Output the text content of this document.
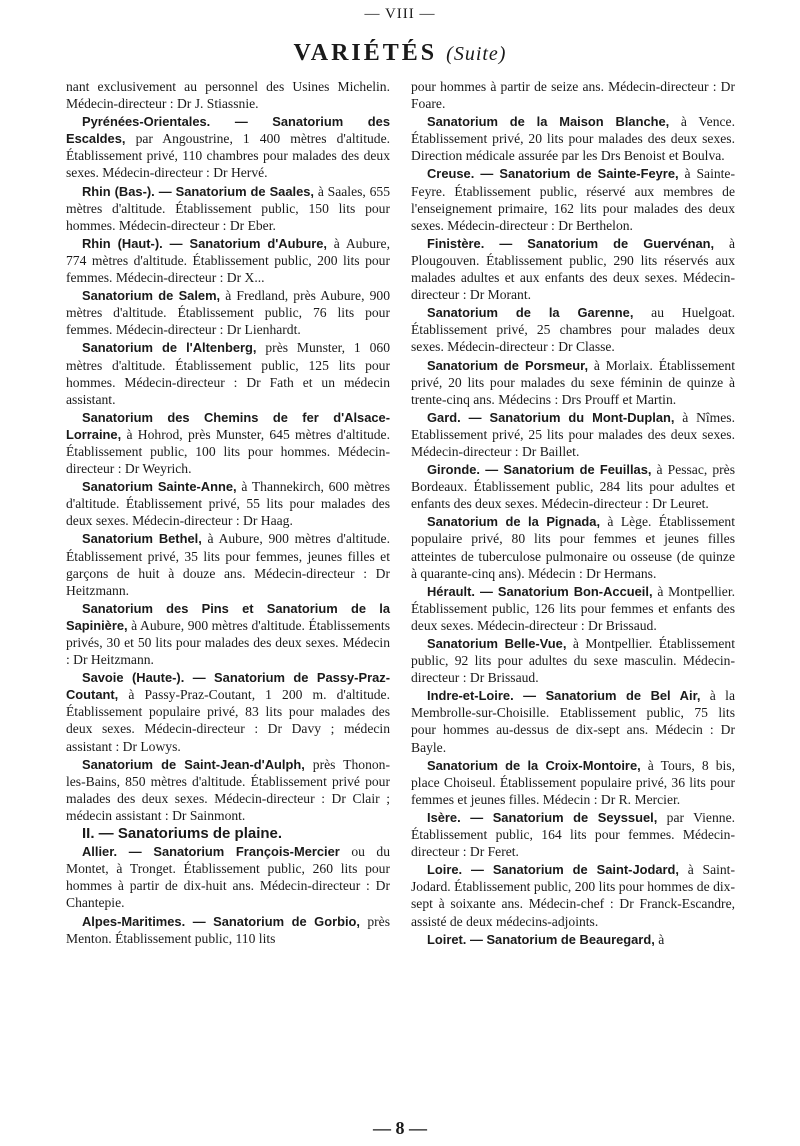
— VIII —
VARIÉTÉS (Suite)

nant exclusivement au personnel des Usines Michelin. Médecin-directeur : Dr J. Stiassnie.

Pyrénées-Orientales. — Sanatorium des Escaldes, par Angoustrine, 1 400 mètres d'altitude. Établissement privé, 110 chambres pour malades des deux sexes. Médecin-directeur : Dr Hervé.

Rhin (Bas-). — Sanatorium de Saales, à Saales, 655 mètres d'altitude. Établissement public, 150 lits pour hommes. Médecin-directeur : Dr Eber.

Rhin (Haut-). — Sanatorium d'Aubure, à Aubure, 774 mètres d'altitude. Établissement public, 200 lits pour femmes. Médecin-directeur : Dr X...

Sanatorium de Salem, à Fredland, près Aubure, 900 mètres d'altitude. Établissement public, 76 lits pour femmes. Médecin-directeur : Dr Lienhardt.

Sanatorium de l'Altenberg, près Munster, 1 060 mètres d'altitude. Établissement public, 125 lits pour hommes. Médecin-directeur : Dr Fath et un médecin assistant.

Sanatorium des Chemins de fer d'Alsace-Lorraine, à Hohrod, près Munster, 645 mètres d'altitude. Établissement public, 100 lits pour hommes. Médecin-directeur : Dr Weyrich.

Sanatorium Sainte-Anne, à Thannekirch, 600 mètres d'altitude. Établissement privé, 55 lits pour malades des deux sexes. Médecin-directeur : Dr Haag.

Sanatorium Bethel, à Aubure, 900 mètres d'altitude. Établissement privé, 35 lits pour femmes, jeunes filles et garçons de huit à douze ans. Médecin-directeur : Dr Heitzmann.

Sanatorium des Pins et Sanatorium de la Sapinière, à Aubure, 900 mètres d'altitude. Établissements privés, 30 et 50 lits pour malades des deux sexes. Médecin : Dr Heitzmann.

Savoie (Haute-). — Sanatorium de Passy-Praz-Coutant, à Passy-Praz-Coutant, 1 200 m. d'altitude. Établissement populaire privé, 83 lits pour malades des deux sexes. Médecin-directeur : Dr Davy ; médecin assistant : Dr Lowys.

Sanatorium de Saint-Jean-d'Aulph, près Thonon-les-Bains, 850 mètres d'altitude. Établissement privé pour malades des deux sexes. Médecin-directeur : Dr Clair ; médecin assistant : Dr Sainmont.

II. — Sanatoriums de plaine.

Allier. — Sanatorium François-Mercier ou du Montet, à Tronget. Établissement public, 260 lits pour hommes à partir de dix-huit ans. Médecin-directeur : Dr Chantepie.

Alpes-Maritimes. — Sanatorium de Gorbio, près Menton. Établissement public, 110 lits

pour hommes à partir de seize ans. Médecin-directeur : Dr Foare.

Sanatorium de la Maison Blanche, à Vence. Établissement privé, 20 lits pour malades des deux sexes. Direction médicale assurée par les Drs Benoist et Boulva.

Creuse. — Sanatorium de Sainte-Feyre, à Sainte-Feyre. Établissement public, réservé aux membres de l'enseignement primaire, 162 lits pour malades des deux sexes. Médecin-directeur : Dr Berthelon.

Finistère. — Sanatorium de Guervénan, à Plougouven. Établissement public, 290 lits réservés aux malades adultes et aux enfants des deux sexes. Médecin-directeur : Dr Morant.

Sanatorium de la Garenne, au Huelgoat. Établissement privé, 25 chambres pour malades deux sexes. Médecin-directeur : Dr Classe.

Sanatorium de Porsmeur, à Morlaix. Établissement privé, 20 lits pour malades du sexe féminin de quinze à trente-cinq ans. Médecins : Drs Prouff et Martin.

Gard. — Sanatorium du Mont-Duplan, à Nîmes. Etablissement privé, 25 lits pour malades des deux sexes. Médecin-directeur : Dr Baillet.

Gironde. — Sanatorium de Feuillas, à Pessac, près Bordeaux. Établissement public, 284 lits pour adultes et enfants des deux sexes. Médecin-directeur : Dr Leuret.

Sanatorium de la Pignada, à Lège. Établissement populaire privé, 80 lits pour femmes et jeunes filles atteintes de tuberculose pulmonaire ou osseuse (de quinze à quarante-cinq ans). Médecin : Dr Hermans.

Hérault. — Sanatorium Bon-Accueil, à Montpellier. Établissement public, 126 lits pour femmes et enfants des deux sexes. Médecin-directeur : Dr Brissaud.

Sanatorium Belle-Vue, à Montpellier. Établissement public, 92 lits pour adultes du sexe masculin. Médecin-directeur : Dr Brissaud.

Indre-et-Loire. — Sanatorium de Bel Air, à la Membrolle-sur-Choisille. Etablissement public, 75 lits pour hommes au-dessus de dix-sept ans. Médecin : Dr Bayle.

Sanatorium de la Croix-Montoire, à Tours, 8 bis, place Choiseul. Établissement populaire privé, 36 lits pour femmes et jeunes filles. Médecin : Dr R. Mercier.

Isère. — Sanatorium de Seyssuel, par Vienne. Établissement public, 164 lits pour femmes. Médecin-directeur : Dr Feret.

Loire. — Sanatorium de Saint-Jodard, à Saint-Jodard. Établissement public, 200 lits pour hommes de dix-sept à soixante ans. Médecin-chef : Dr Franck-Escandre, assisté de deux médecins-adjoints.

Loiret. — Sanatorium de Beauregard, à

— 8 —
